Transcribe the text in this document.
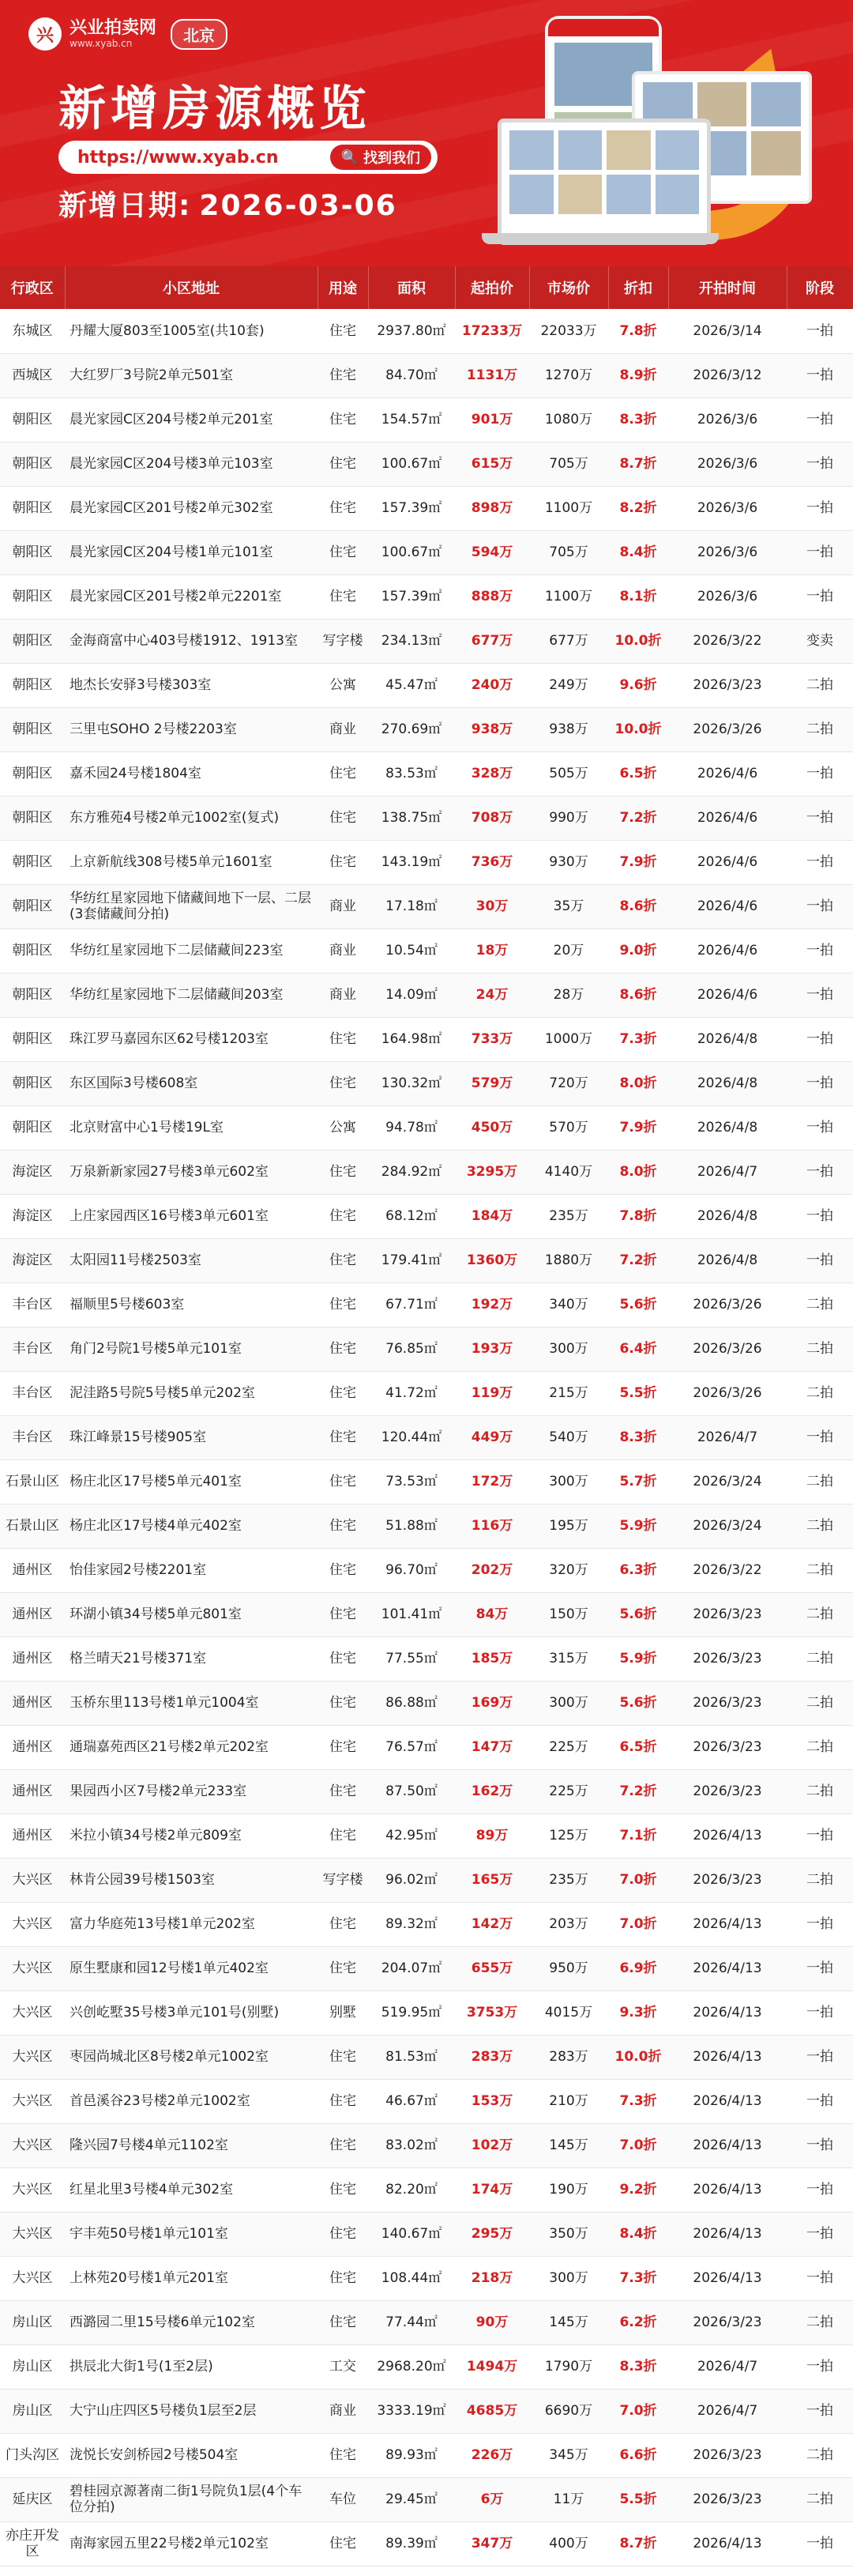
兴 兴业拍卖网
www.xyab.cn	北京
新增房源概览
https://www.xyab.cn	🔍 找到我们
新增日期: 2026-03-06
行政区	小区地址	用途	面积	起拍价	市场价	折扣	开拍时间	阶段
东城区	丹耀大厦803至1005室(共10套)	住宅	2937.80㎡	17233万	22033万	7.8折	2026/3/14	一拍
西城区	大红罗厂3号院2单元501室	住宅	84.70㎡	1131万	1270万	8.9折	2026/3/12	一拍
朝阳区	晨光家园C区204号楼2单元201室	住宅	154.57㎡	901万	1080万	8.3折	2026/3/6	一拍
朝阳区	晨光家园C区204号楼3单元103室	住宅	100.67㎡	615万	705万	8.7折	2026/3/6	一拍
朝阳区	晨光家园C区201号楼2单元302室	住宅	157.39㎡	898万	1100万	8.2折	2026/3/6	一拍
朝阳区	晨光家园C区204号楼1单元101室	住宅	100.67㎡	594万	705万	8.4折	2026/3/6	一拍
朝阳区	晨光家园C区201号楼2单元2201室	住宅	157.39㎡	888万	1100万	8.1折	2026/3/6	一拍
朝阳区	金海商富中心403号楼1912、1913室	写字楼	234.13㎡	677万	677万	10.0折	2026/3/22	变卖
朝阳区	地杰长安驿3号楼303室	公寓	45.47㎡	240万	249万	9.6折	2026/3/23	二拍
朝阳区	三里屯SOHO 2号楼2203室	商业	270.69㎡	938万	938万	10.0折	2026/3/26	二拍
朝阳区	嘉禾园24号楼1804室	住宅	83.53㎡	328万	505万	6.5折	2026/4/6	一拍
朝阳区	东方雅苑4号楼2单元1002室(复式)	住宅	138.75㎡	708万	990万	7.2折	2026/4/6	一拍
朝阳区	上京新航线308号楼5单元1601室	住宅	143.19㎡	736万	930万	7.9折	2026/4/6	一拍
朝阳区	华纺红星家园地下储藏间地下一层、二层(3套储藏间分拍)	商业	17.18㎡	30万	35万	8.6折	2026/4/6	一拍
朝阳区	华纺红星家园地下二层储藏间223室	商业	10.54㎡	18万	20万	9.0折	2026/4/6	一拍
朝阳区	华纺红星家园地下二层储藏间203室	商业	14.09㎡	24万	28万	8.6折	2026/4/6	一拍
朝阳区	珠江罗马嘉园东区62号楼1203室	住宅	164.98㎡	733万	1000万	7.3折	2026/4/8	一拍
朝阳区	东区国际3号楼608室	住宅	130.32㎡	579万	720万	8.0折	2026/4/8	一拍
朝阳区	北京财富中心1号楼19L室	公寓	94.78㎡	450万	570万	7.9折	2026/4/8	一拍
海淀区	万泉新新家园27号楼3单元602室	住宅	284.92㎡	3295万	4140万	8.0折	2026/4/7	一拍
海淀区	上庄家园西区16号楼3单元601室	住宅	68.12㎡	184万	235万	7.8折	2026/4/8	一拍
海淀区	太阳园11号楼2503室	住宅	179.41㎡	1360万	1880万	7.2折	2026/4/8	一拍
丰台区	福顺里5号楼603室	住宅	67.71㎡	192万	340万	5.6折	2026/3/26	二拍
丰台区	角门2号院1号楼5单元101室	住宅	76.85㎡	193万	300万	6.4折	2026/3/26	二拍
丰台区	泥洼路5号院5号楼5单元202室	住宅	41.72㎡	119万	215万	5.5折	2026/3/26	二拍
丰台区	珠江峰景15号楼905室	住宅	120.44㎡	449万	540万	8.3折	2026/4/7	一拍
石景山区	杨庄北区17号楼5单元401室	住宅	73.53㎡	172万	300万	5.7折	2026/3/24	二拍
石景山区	杨庄北区17号楼4单元402室	住宅	51.88㎡	116万	195万	5.9折	2026/3/24	二拍
通州区	怡佳家园2号楼2201室	住宅	96.70㎡	202万	320万	6.3折	2026/3/22	二拍
通州区	环湖小镇34号楼5单元801室	住宅	101.41㎡	84万	150万	5.6折	2026/3/23	二拍
通州区	格兰晴天21号楼371室	住宅	77.55㎡	185万	315万	5.9折	2026/3/23	二拍
通州区	玉桥东里113号楼1单元1004室	住宅	86.88㎡	169万	300万	5.6折	2026/3/23	二拍
通州区	通瑞嘉苑西区21号楼2单元202室	住宅	76.57㎡	147万	225万	6.5折	2026/3/23	二拍
通州区	果园西小区7号楼2单元233室	住宅	87.50㎡	162万	225万	7.2折	2026/3/23	二拍
通州区	米拉小镇34号楼2单元809室	住宅	42.95㎡	89万	125万	7.1折	2026/4/13	一拍
大兴区	林肯公园39号楼1503室	写字楼	96.02㎡	165万	235万	7.0折	2026/3/23	二拍
大兴区	富力华庭苑13号楼1单元202室	住宅	89.32㎡	142万	203万	7.0折	2026/4/13	一拍
大兴区	原生墅康和园12号楼1单元402室	住宅	204.07㎡	655万	950万	6.9折	2026/4/13	一拍
大兴区	兴创屹墅35号楼3单元101号(别墅)	别墅	519.95㎡	3753万	4015万	9.3折	2026/4/13	一拍
大兴区	枣园尚城北区8号楼2单元1002室	住宅	81.53㎡	283万	283万	10.0折	2026/4/13	一拍
大兴区	首邑溪谷23号楼2单元1002室	住宅	46.67㎡	153万	210万	7.3折	2026/4/13	一拍
大兴区	隆兴园7号楼4单元1102室	住宅	83.02㎡	102万	145万	7.0折	2026/4/13	一拍
大兴区	红星北里3号楼4单元302室	住宅	82.20㎡	174万	190万	9.2折	2026/4/13	一拍
大兴区	宇丰苑50号楼1单元101室	住宅	140.67㎡	295万	350万	8.4折	2026/4/13	一拍
大兴区	上林苑20号楼1单元201室	住宅	108.44㎡	218万	300万	7.3折	2026/4/13	一拍
房山区	西潞园二里15号楼6单元102室	住宅	77.44㎡	90万	145万	6.2折	2026/3/23	二拍
房山区	拱辰北大街1号(1至2层)	工交	2968.20㎡	1494万	1790万	8.3折	2026/4/7	一拍
房山区	大宁山庄四区5号楼负1层至2层	商业	3333.19㎡	4685万	6690万	7.0折	2026/4/7	一拍
门头沟区	泷悦长安剑桥园2号楼504室	住宅	89.93㎡	226万	345万	6.6折	2026/3/23	二拍
延庆区	碧桂园京源著南二街1号院负1层(4个车位分拍)	车位	29.45㎡	6万	11万	5.5折	2026/3/23	二拍
亦庄开发区	南海家园五里22号楼2单元102室	住宅	89.39㎡	347万	400万	8.7折	2026/4/13	一拍
